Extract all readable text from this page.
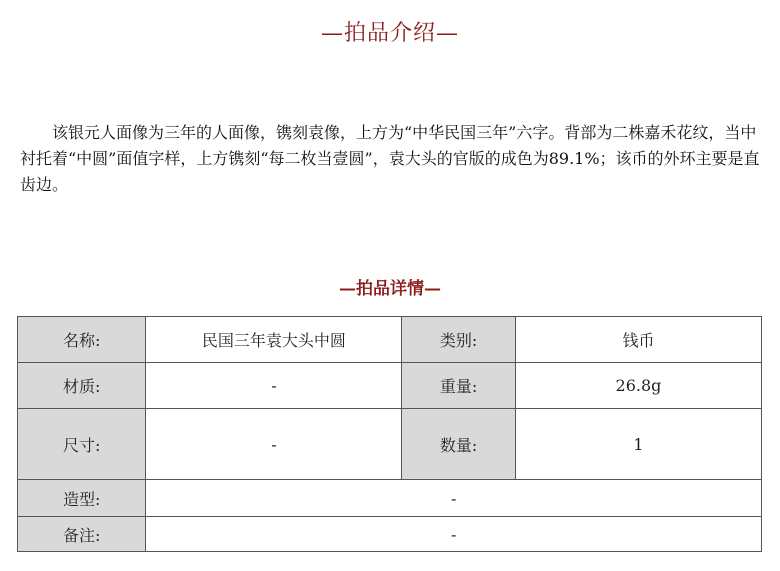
—拍品介绍—
该银元人面像为三年的人面像，镌刻袁像，上方为“中华民国三年”六字。背部为二株嘉禾花纹，当中衬托着“中圆”面值字样，上方镌刻“每二枚当壹圆”，袁大头的官版的成色为89.1%；该币的外环主要是直齿边。
—拍品详情—
名称:	民国三年袁大头中圆	类别:	钱币
材质:	-	重量:	26.8g
尺寸:	-	数量:	1
造型:	-		
备注:	-		
